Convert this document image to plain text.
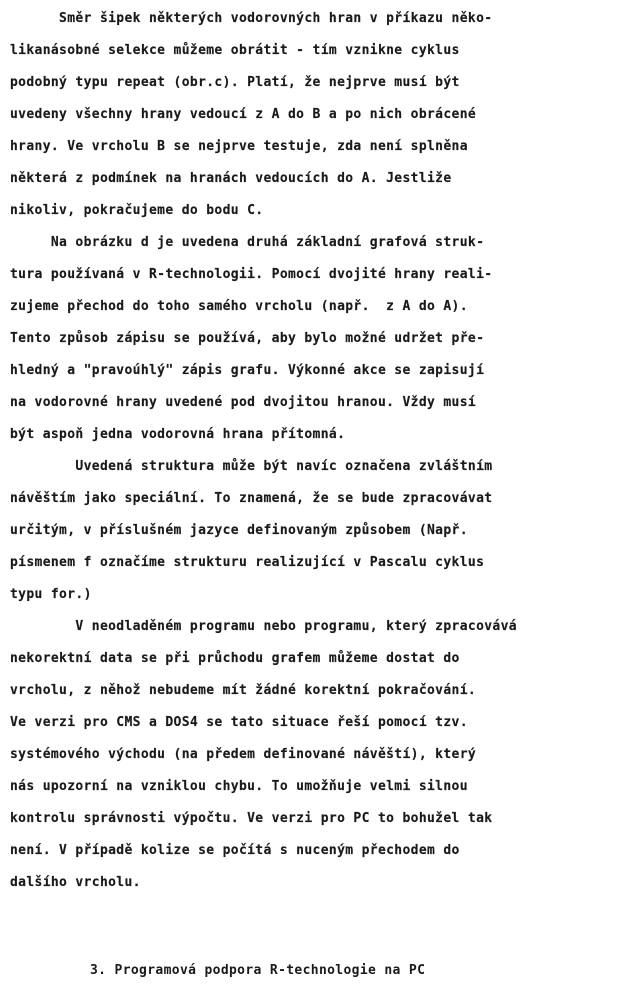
Směr šipek některých vodorovných hran v příkazu něko-
likanásobné selekce můžeme obrátit - tím vznikne cyklus
podobný typu repeat (obr.c). Platí, že nejprve musí být
uvedeny všechny hrany vedoucí z A do B a po nich obrácené
hrany. Ve vrcholu B se nejprve testuje, zda není splněna
některá z podmínek na hranách vedoucích do A. Jestliže
nikoliv, pokračujeme do bodu C.
Na obrázku d je uvedena druhá základní grafová struk-
tura používaná v R-technologii. Pomocí dvojité hrany reali-
zujeme přechod do toho samého vrcholu (např.  z A do A).
Tento způsob zápisu se používá, aby bylo možné udržet pře-
hledný a "pravoúhlý" zápis grafu. Výkonné akce se zapisují
na vodorovné hrany uvedené pod dvojitou hranou. Vždy musí
být aspoň jedna vodorovná hrana přítomná.
Uvedená struktura může být navíc označena zvláštním
návěštím jako speciální. To znamená, že se bude zpracovávat
určitým, v příslušném jazyce definovaným způsobem (Např.
písmenem f označíme strukturu realizující v Pascalu cyklus
typu for.)
V neodladěném programu nebo programu, který zpracovává
nekorektní data se při průchodu grafem můžeme dostat do
vrcholu, z něhož nebudeme mít žádné korektní pokračování.
Ve verzi pro CMS a DOS4 se tato situace řeší pomocí tzv.
systémového východu (na předem definované návěští), který
nás upozorní na vzniklou chybu. To umožňuje velmi silnou
kontrolu správnosti výpočtu. Ve verzi pro PC to bohužel tak
není. V případě kolize se počítá s nuceným přechodem do
dalšího vrcholu.
3. Programová podpora R-technologie na PC
